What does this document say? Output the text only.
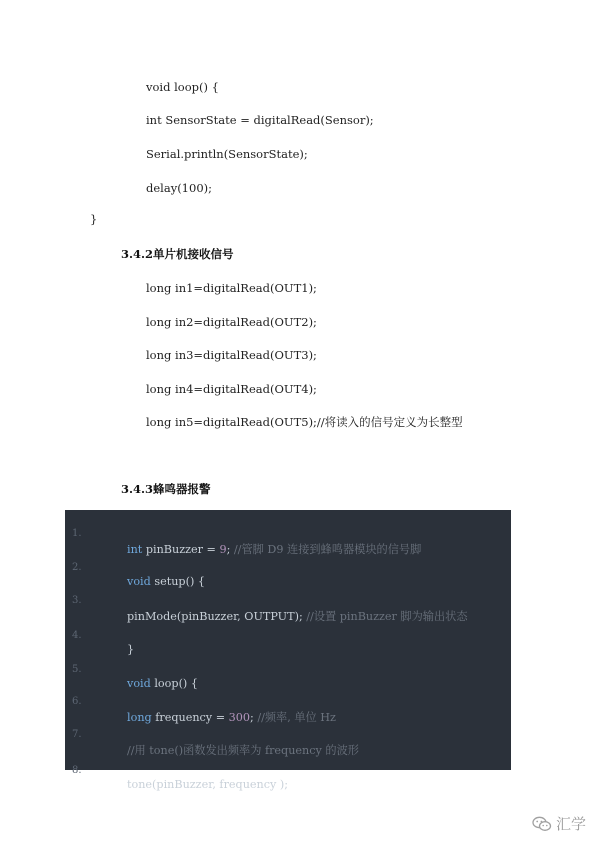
void loop() {
int SensorState = digitalRead(Sensor);
Serial.println(SensorState);
delay(100);
}
3.4.2单片机接收信号
long in1=digitalRead(OUT1);
long in2=digitalRead(OUT2);
long in3=digitalRead(OUT3);
long in4=digitalRead(OUT4);
long in5=digitalRead(OUT5);//将读入的信号定义为长整型
3.4.3蜂鸣器报警

1.

int pinBuzzer = 9; //管脚 D9 连接到蜂鸣器模块的信号脚

2.

void setup() {

3.

pinMode(pinBuzzer, OUTPUT); //设置 pinBuzzer 脚为输出状态

4.

}

5.

void loop() {

6.

long frequency = 300; //频率, 单位 Hz

7.

//用 tone()函数发出频率为 frequency 的波形

8.

tone(pinBuzzer, frequency );

汇学
